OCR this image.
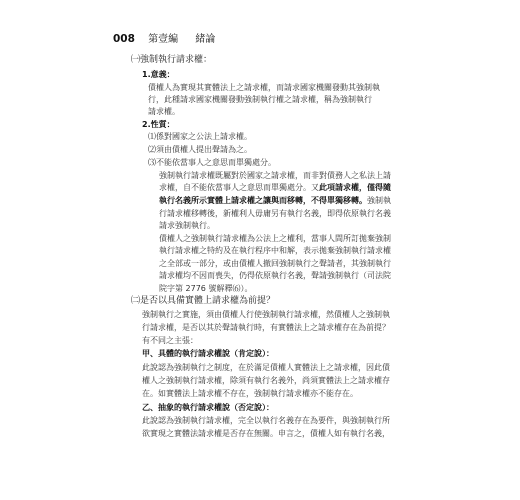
008 第壹編 緒論
㈠強制執行請求權：
1.意義：
債權人為實現其實體法上之請求權，而請求國家機關發動其強制執
行，此種請求國家機關發動強制執行權之請求權，稱為強制執行
請求權。
2.性質：
⑴係對國家之公法上請求權。
⑵須由債權人提出聲請為之。
⑶不能依當事人之意思而單獨處分。
強制執行請求權既屬對於國家之請求權，而非對債務人之私法上請
求權，自不能依當事人之意思而單獨處分。又此項請求權，僅得隨
執行名義所示實體上請求權之讓與而移轉，不得單獨移轉。強制執
行請求權移轉後，新權利人毋庸另有執行名義，即得依原執行名義
請求強制執行。
債權人之強制執行請求權為公法上之權利，當事人間所訂拋棄強制
執行請求權之特約及在執行程序中和解，表示拋棄強制執行請求權
之全部或一部分，或由債權人撤回強制執行之聲請者，其強制執行
請求權均不因而喪失，仍得依原執行名義，聲請強制執行（司法院
院字第 2776 號解釋⑹）。
㈡是否以具備實體上請求權為前提？
強制執行之實施，須由債權人行使強制執行請求權，然債權人之強制執
行請求權，是否以其於聲請執行時，有實體法上之請求權存在為前提？
有不同之主張：
甲、具體的執行請求權說（肯定說）：
此說認為強制執行之制度，在於滿足債權人實體法上之請求權，因此債
權人之強制執行請求權，除須有執行名義外，尚須實體法上之請求權存
在。如實體法上請求權不存在，強制執行請求權亦不能存在。
乙、抽象的執行請求權說（否定說）：
此說認為強制執行請求權，完全以執行名義存在為要件，與強制執行所
欲實現之實體法請求權是否存在無關。申言之，債權人如有執行名義，
